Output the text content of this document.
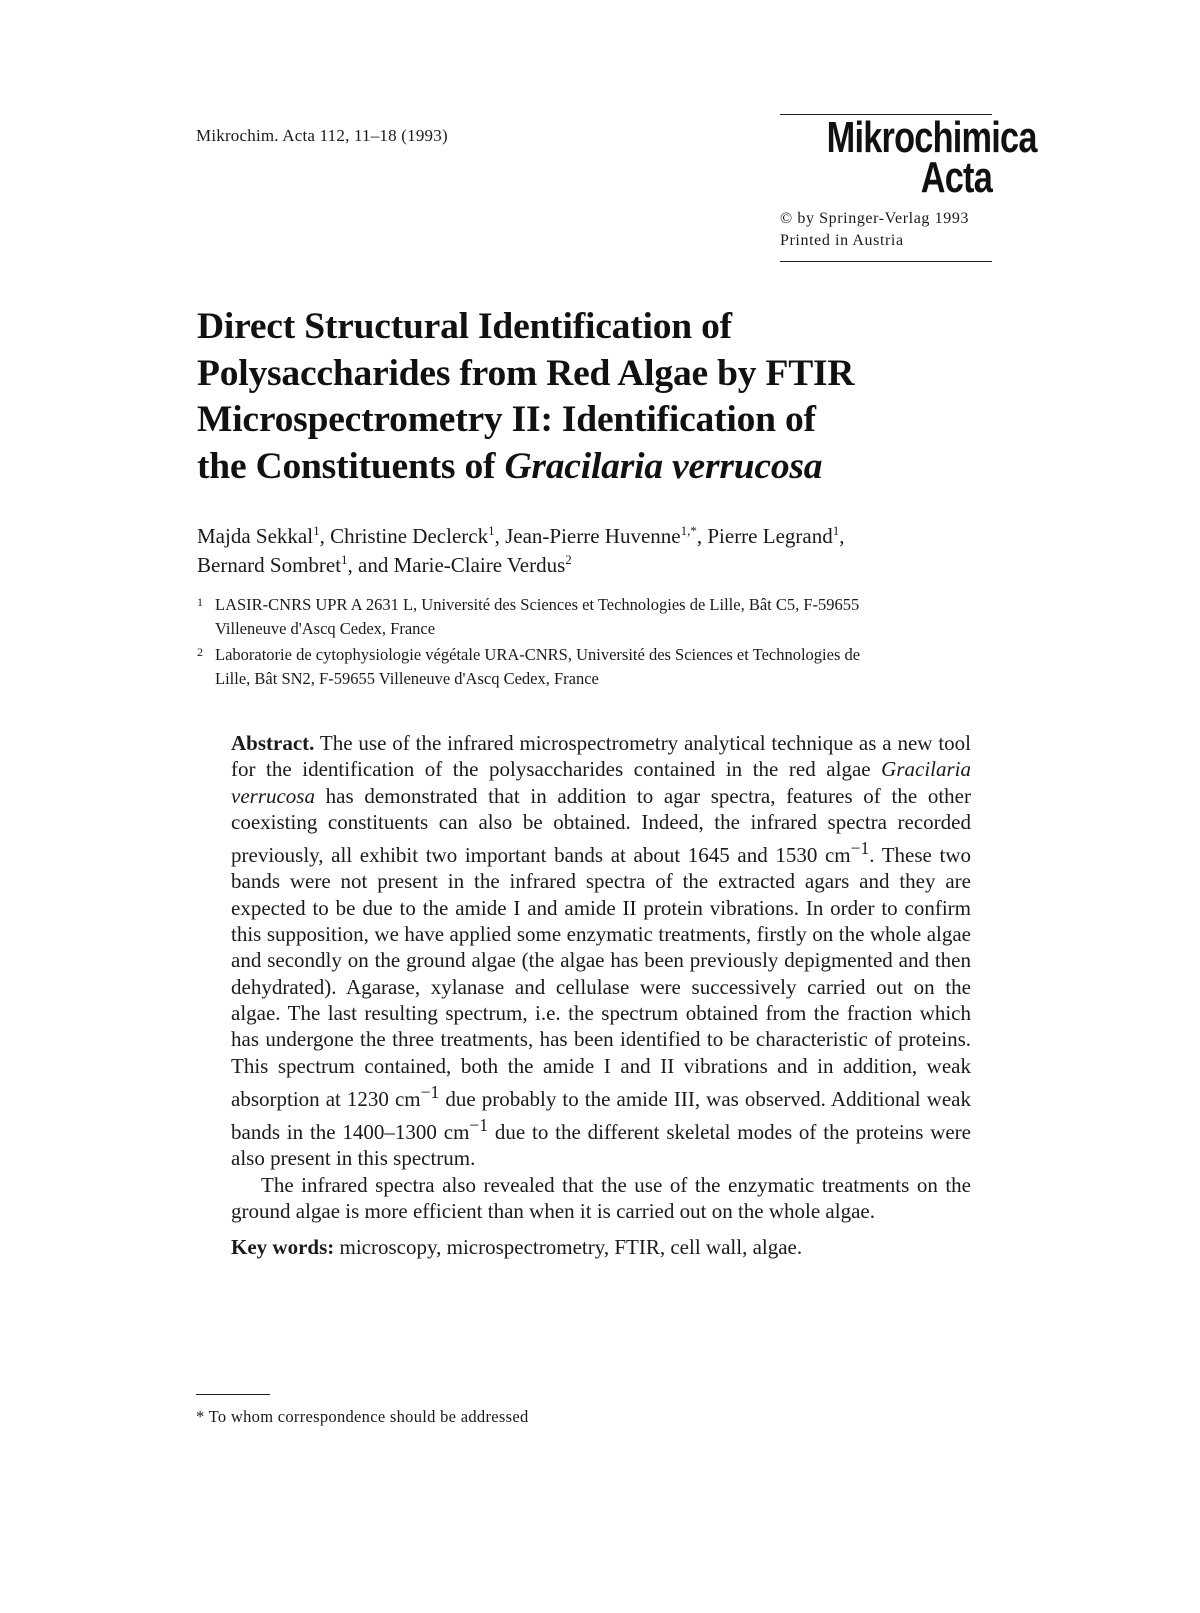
Mikrochim. Acta 112, 11–18 (1993)	Mikrochimica
Acta
© by Springer-Verlag 1993
Printed in Austria
Direct Structural Identification of
Polysaccharides from Red Algae by FTIR
Microspectrometry II: Identification of
the Constituents of Gracilaria verrucosa
Majda Sekkal$^1$, Christine Declerck$^1$, Jean-Pierre Huvenne$^{1,*}$, Pierre Legrand$^1$,
Bernard Sombret$^1$, and Marie-Claire Verdus$^2$
1 LASIR-CNRS UPR A 2631 L, Université des Sciences et Technologies de Lille, Bât C5, F-59655
Villeneuve d'Ascq Cedex, France
2 Laboratorie de cytophysiologie végétale URA-CNRS, Université des Sciences et Technologies de
Lille, Bât SN2, F-59655 Villeneuve d'Ascq Cedex, France

Abstract. The use of the infrared microspectrometry analytical technique as a new tool for the identification of the polysaccharides contained in the red algae Gracilaria verrucosa has demonstrated that in addition to agar spectra, features of the other coexisting constituents can also be obtained. Indeed, the infrared spectra recorded previously, all exhibit two important bands at about 1645 and 1530 $cm^{-1}$. These two bands were not present in the infrared spectra of the extracted agars and they are expected to be due to the amide I and amide II protein vibrations. In order to confirm this supposition, we have applied some enzymatic treatments, firstly on the whole algae and secondly on the ground algae (the algae has been previously depigmented and then dehydrated). Agarase, xylanase and cellulase were successively carried out on the algae. The last resulting spectrum, i.e. the spectrum obtained from the fraction which has undergone the three treatments, has been identified to be characteristic of proteins. This spectrum contained, both the amide I and II vibrations and in addition, weak absorption at 1230 $cm^{-1}$ due probably to the amide III, was observed. Additional weak bands in the 1400–1300 $cm^{-1}$ due to the different skeletal modes of the proteins were also present in this spectrum.

The infrared spectra also revealed that the use of the enzymatic treatments on the ground algae is more efficient than when it is carried out on the whole algae.

Key words: microscopy, microspectrometry, FTIR, cell wall, algae.

* To whom correspondence should be addressed
